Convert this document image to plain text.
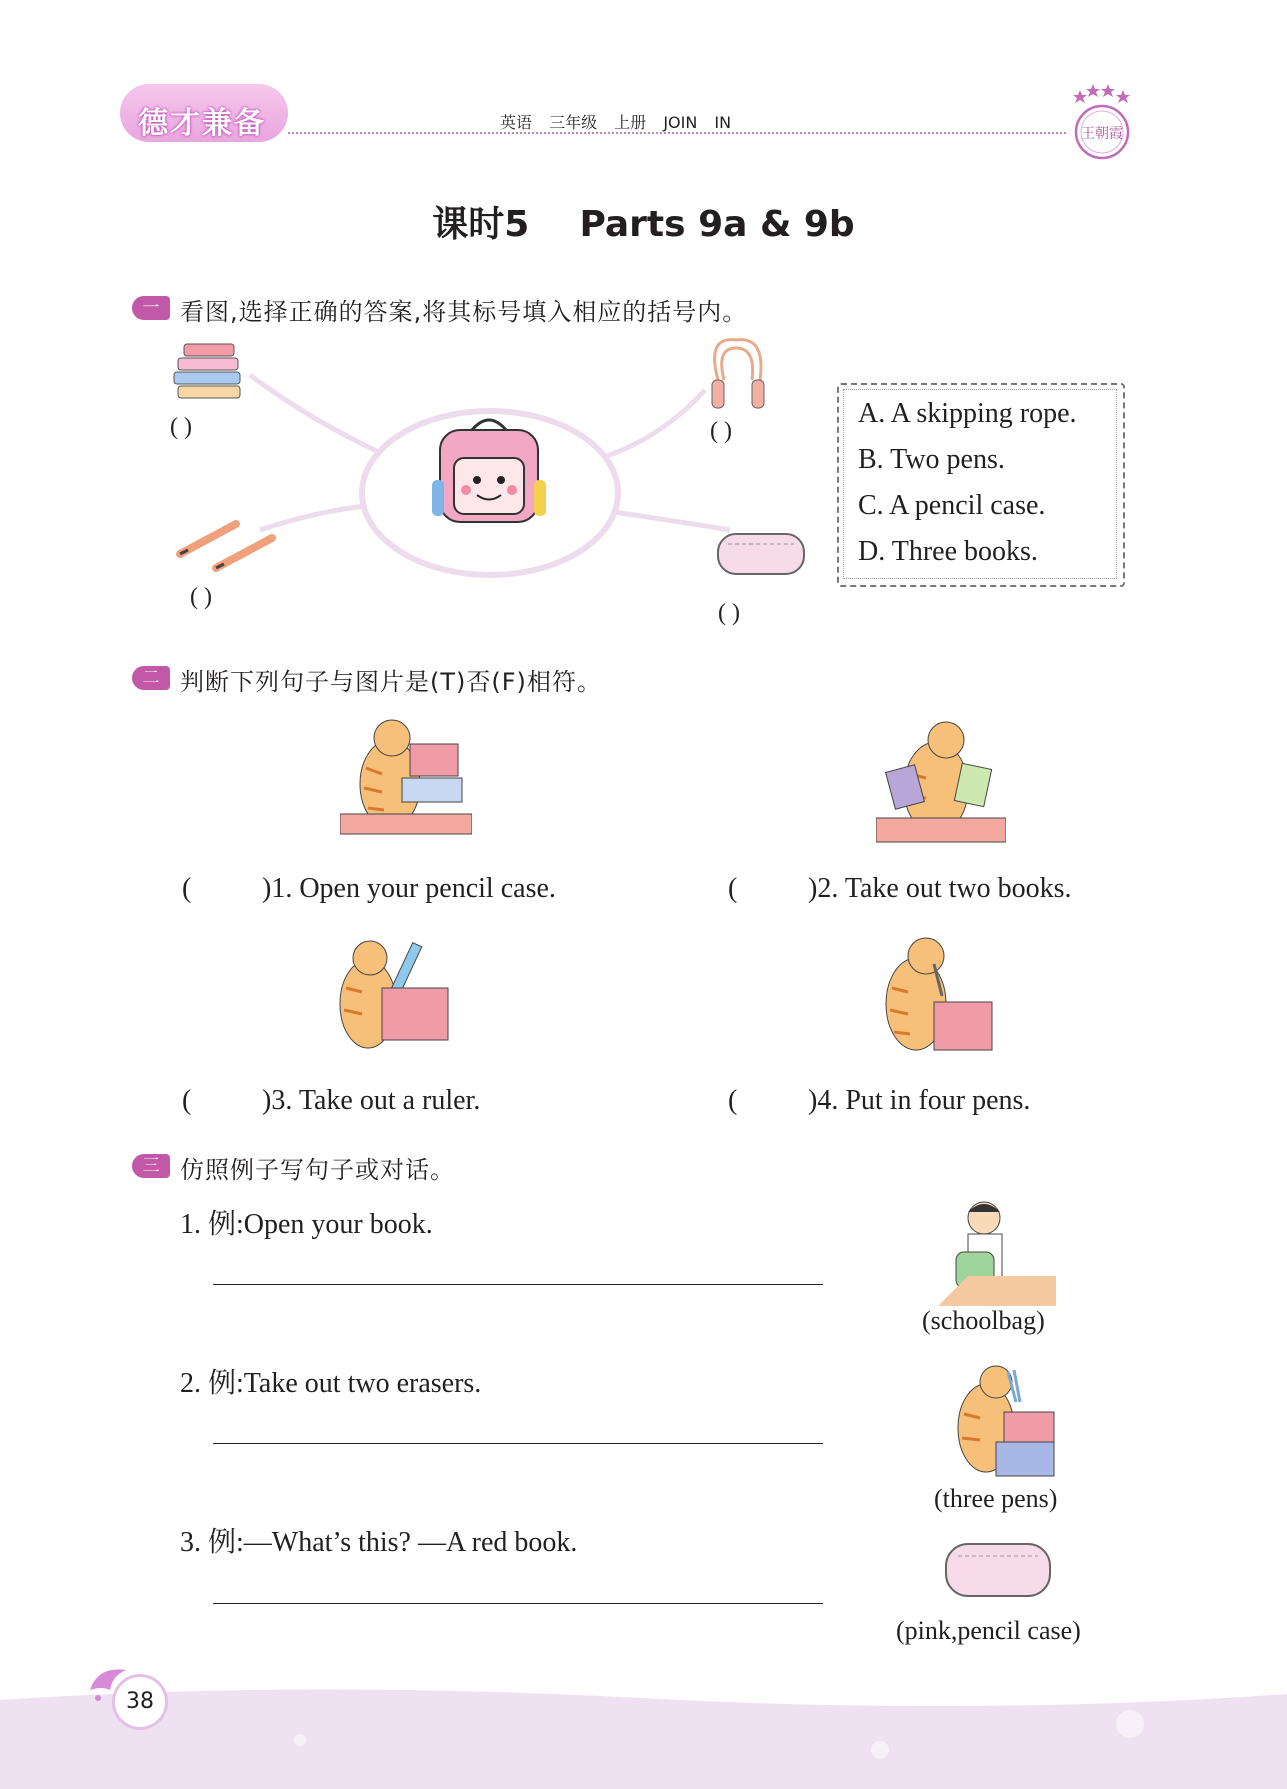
德才兼备	英语 三年级 上册 JOIN IN
王朝霞
课时5    Parts 9a & 9b
一 看图,选择正确的答案,将其标号填入相应的括号内。
( )	( )
( )
( )
A. A skipping rope.
B. Two pens.
C. A pencil case.
D. Three books.
二 判断下列句子与图片是(T)否(F)相符。
(	)1. Open your pencil case.	(	)2. Take out two books.
(	)3. Take out a ruler.	(	)4. Put in four pens.
三 仿照例子写句子或对话。
1. 例:Open your book.
2. 例:Take out two erasers.
3. 例:—What’s this? —A red book.
(schoolbag)
(three pens)
(pink,pencil case)
38
